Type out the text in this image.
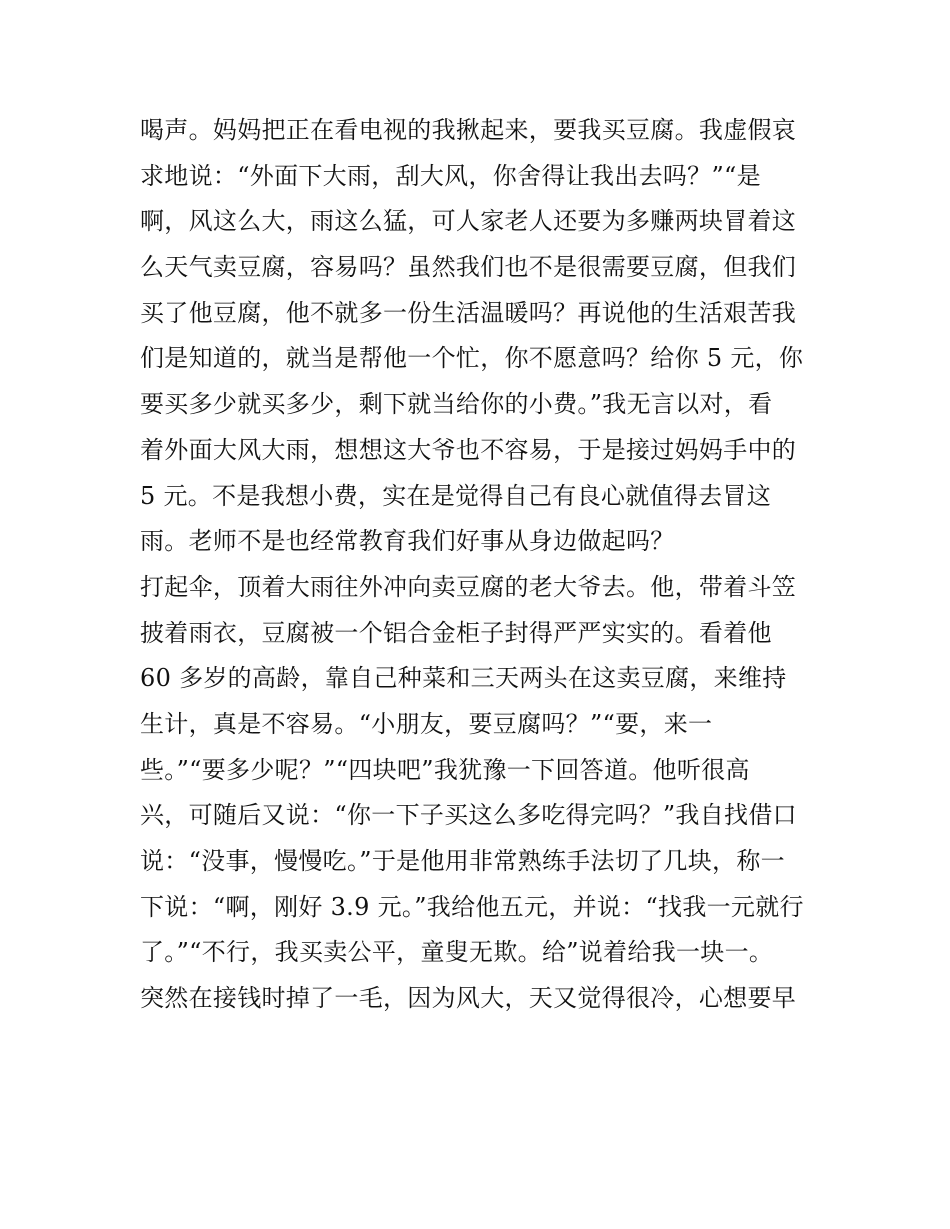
喝声。妈妈把正在看电视的我揪起来，要我买豆腐。我虚假哀
求地说：“外面下大雨，刮大风，你舍得让我出去吗？”“是
啊，风这么大，雨这么猛，可人家老人还要为多赚两块冒着这
么天气卖豆腐，容易吗？虽然我们也不是很需要豆腐，但我们
买了他豆腐，他不就多一份生活温暖吗？再说他的生活艰苦我
们是知道的，就当是帮他一个忙，你不愿意吗？给你 5 元，你
要买多少就买多少，剩下就当给你的小费。”我无言以对，看
着外面大风大雨，想想这大爷也不容易，于是接过妈妈手中的
5 元。不是我想小费，实在是觉得自己有良心就值得去冒这
雨。老师不是也经常教育我们好事从身边做起吗？
打起伞，顶着大雨往外冲向卖豆腐的老大爷去。他，带着斗笠
披着雨衣，豆腐被一个铝合金柜子封得严严实实的。看着他
60 多岁的高龄，靠自己种菜和三天两头在这卖豆腐，来维持
生计，真是不容易。“小朋友，要豆腐吗？”“要，来一
些。”“要多少呢？”“四块吧”我犹豫一下回答道。他听很高
兴，可随后又说：“你一下子买这么多吃得完吗？”我自找借口
说：“没事，慢慢吃。”于是他用非常熟练手法切了几块，称一
下说：“啊，刚好 3.9 元。”我给他五元，并说：“找我一元就行
了。”“不行，我买卖公平，童叟无欺。给”说着给我一块一。
突然在接钱时掉了一毛，因为风大，天又觉得很冷，心想要早
